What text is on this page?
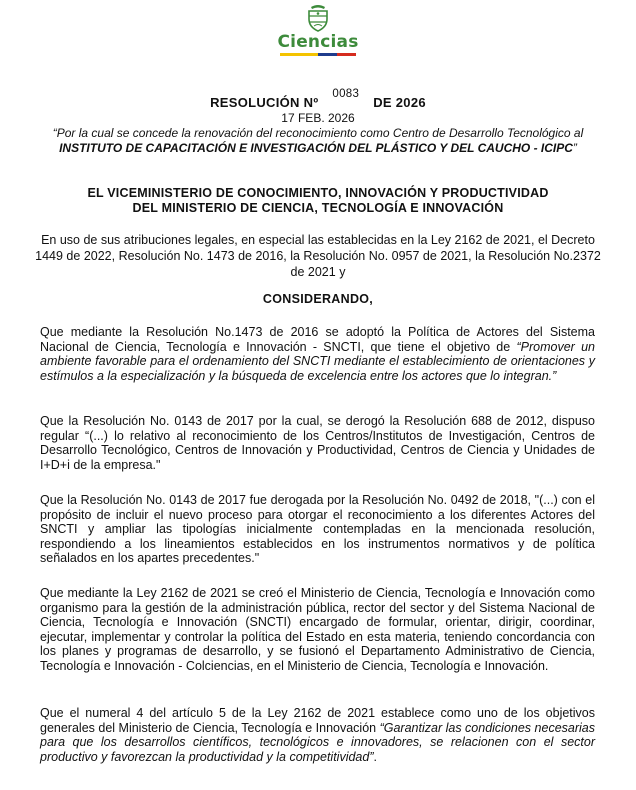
Ciencias
RESOLUCIÓN Nº0083DE 2026
17 FEB. 2026
“Por la cual se concede la renovación del reconocimiento como Centro de Desarrollo Tecnológico al INSTITUTO DE CAPACITACIÓN E INVESTIGACIÓN DEL PLÁSTICO Y DEL CAUCHO - ICIPC”
EL VICEMINISTERIO DE CONOCIMIENTO, INNOVACIÓN Y PRODUCTIVIDAD
DEL MINISTERIO DE CIENCIA, TECNOLOGÍA E INNOVACIÓN
En uso de sus atribuciones legales, en especial las establecidas en la Ley 2162 de 2021, el Decreto 1449 de 2022, Resolución No. 1473 de 2016, la Resolución No. 0957 de 2021, la Resolución No.2372 de 2021 y
CONSIDERANDO,

Que mediante la Resolución No.1473 de 2016 se adoptó la Política de Actores del Sistema Nacional de Ciencia, Tecnología e Innovación - SNCTI, que tiene el objetivo de “Promover un ambiente favorable para el ordenamiento del SNCTI mediante el establecimiento de orientaciones y estímulos a la especialización y la búsqueda de excelencia entre los actores que lo integran.”

Que la Resolución No. 0143 de 2017 por la cual, se derogó la Resolución 688 de 2012, dispuso regular “(...) lo relativo al reconocimiento de los Centros/Institutos de Investigación, Centros de Desarrollo Tecnológico, Centros de Innovación y Productividad, Centros de Ciencia y Unidades de I+D+i de la empresa."

Que la Resolución No. 0143 de 2017 fue derogada por la Resolución No. 0492 de 2018, "(...) con el propósito de incluir el nuevo proceso para otorgar el reconocimiento a los diferentes Actores del SNCTI y ampliar las tipologías inicialmente contempladas en la mencionada resolución, respondiendo a los lineamientos establecidos en los instrumentos normativos y de política señalados en los apartes precedentes."

Que mediante la Ley 2162 de 2021 se creó el Ministerio de Ciencia, Tecnología e Innovación como organismo para la gestión de la administración pública, rector del sector y del Sistema Nacional de Ciencia, Tecnología e Innovación (SNCTI) encargado de formular, orientar, dirigir, coordinar, ejecutar, implementar y controlar la política del Estado en esta materia, teniendo concordancia con los planes y programas de desarrollo, y se fusionó el Departamento Administrativo de Ciencia, Tecnología e Innovación - Colciencias, en el Ministerio de Ciencia, Tecnología e Innovación.

Que el numeral 4 del artículo 5 de la Ley 2162 de 2021 establece como uno de los objetivos generales del Ministerio de Ciencia, Tecnología e Innovación “Garantizar las condiciones necesarias para que los desarrollos científicos, tecnológicos e innovadores, se relacionen con el sector productivo y favorezcan la productividad y la competitividad”.
